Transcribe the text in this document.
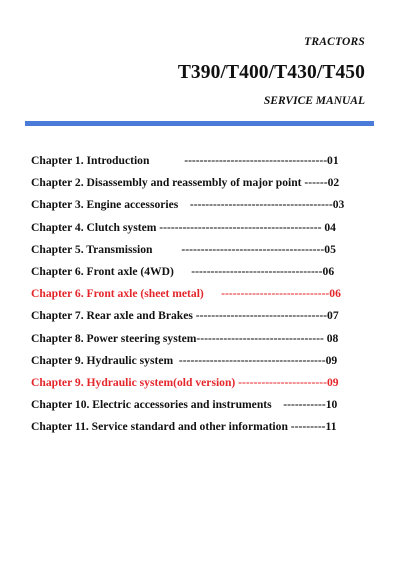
TRACTORS
T390/T400/T430/T450
SERVICE MANUAL
Chapter 1. Introduction            -------------------------------------01
Chapter 2. Disassembly and reassembly of major point ------02
Chapter 3. Engine accessories    -------------------------------------03
Chapter 4. Clutch system ------------------------------------------ 04
Chapter 5. Transmission          -------------------------------------05
Chapter 6. Front axle (4WD)      ----------------------------------06
Chapter 6. Front axle (sheet metal)      ----------------------------06
Chapter 7. Rear axle and Brakes ----------------------------------07
Chapter 8. Power steering system--------------------------------- 08
Chapter 9. Hydraulic system  --------------------------------------09
Chapter 9. Hydraulic system(old version) -----------------------09
Chapter 10. Electric accessories and instruments    -----------10
Chapter 11. Service standard and other information ---------11
